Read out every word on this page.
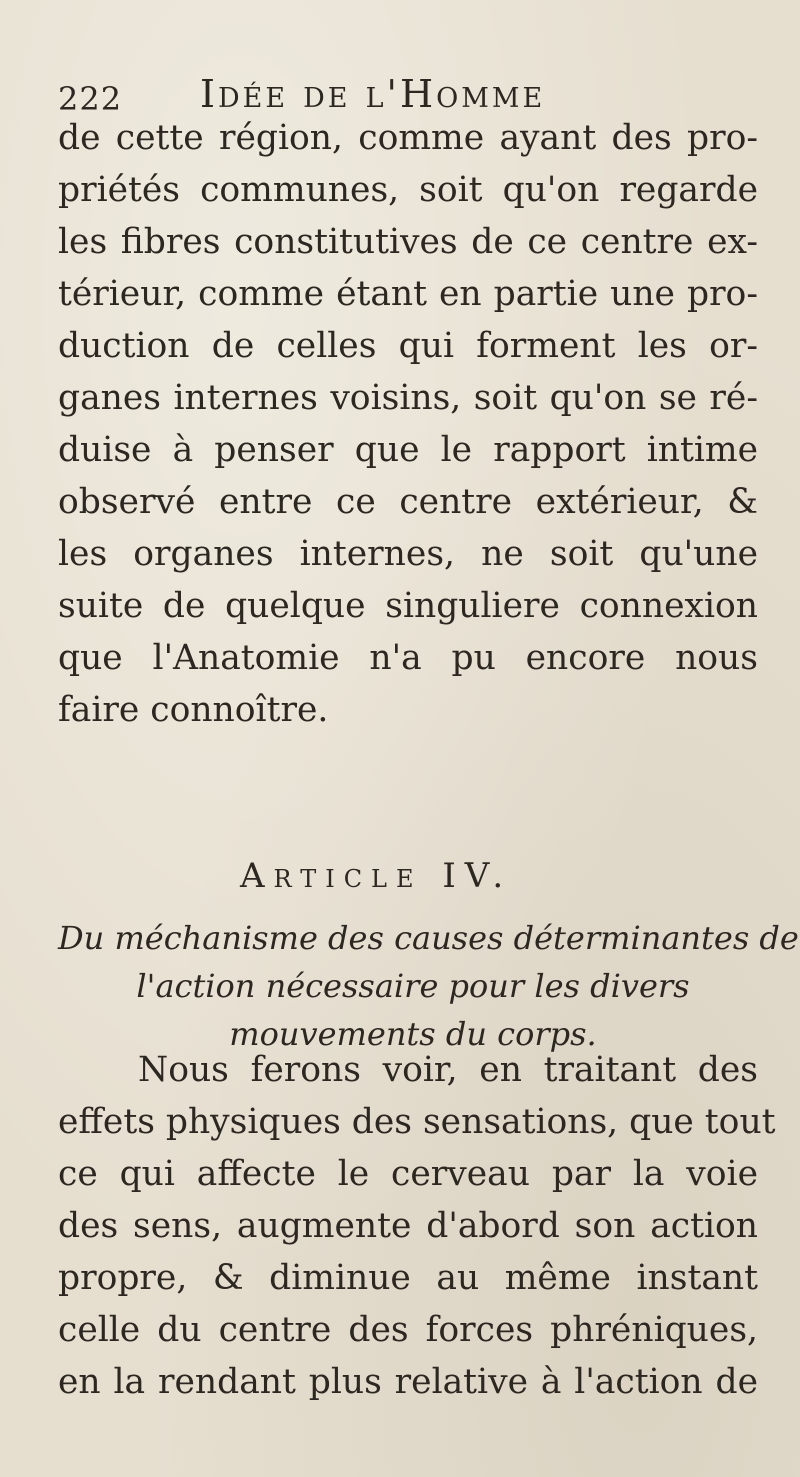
222 Idée de l'Homme
de cette région, comme ayant des pro-
priétés communes, soit qu'on regarde
les fibres constitutives de ce centre ex-
térieur, comme étant en partie une pro-
duction de celles qui forment les or-
ganes internes voisins, soit qu'on se ré-
duise à penser que le rapport intime
observé entre ce centre extérieur, &
les organes internes, ne soit qu'une
suite de quelque singuliere connexion
que l'Anatomie n'a pu encore nous
faire connoître.
Article IV.
Du méchanisme des causes déterminantes de
l'action nécessaire pour les divers
mouvements du corps.
Nous ferons voir, en traitant des
effets physiques des sensations, que tout
ce qui affecte le cerveau par la voie
des sens, augmente d'abord son action
propre, & diminue au même instant
celle du centre des forces phréniques,
en la rendant plus relative à l'action de
